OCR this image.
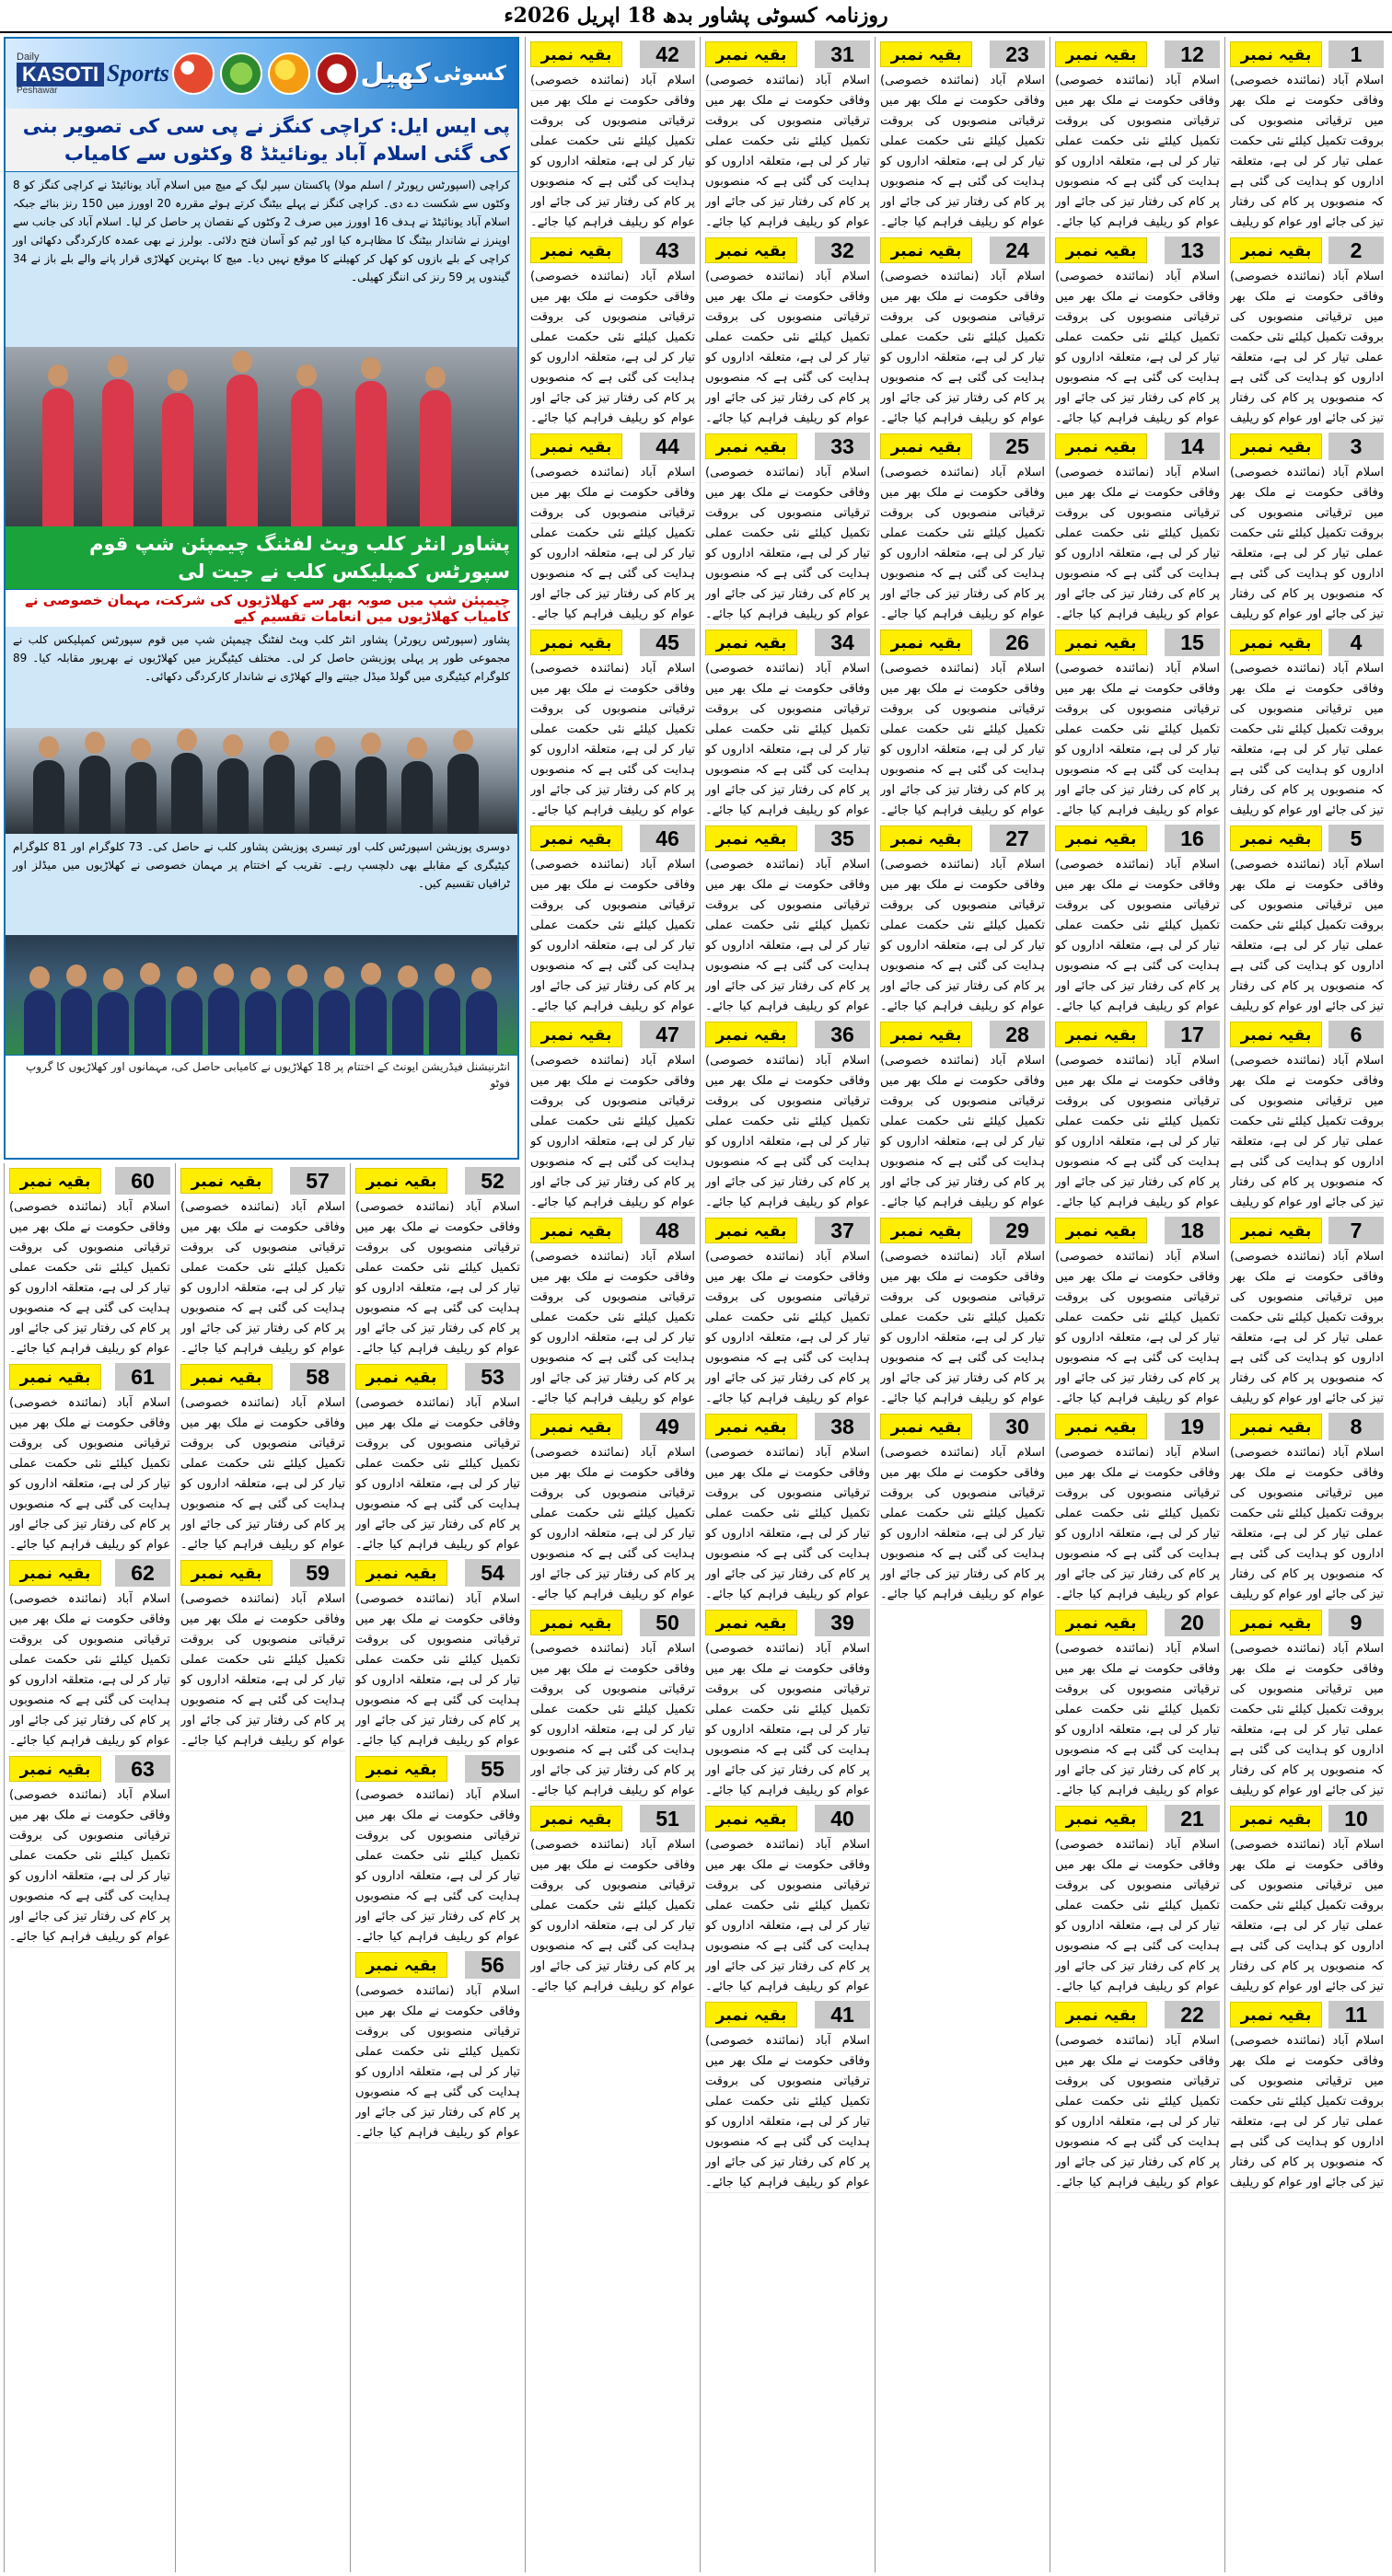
روزنامہ کسوٹی پشاور بدھ 18 اپریل 2026ء
1
بقیہ نمبر
اسلام آباد (نمائندہ خصوصی) وفاقی حکومت نے ملک بھر میں ترقیاتی منصوبوں کی بروقت تکمیل کیلئے نئی حکمت عملی تیار کر لی ہے، متعلقہ اداروں کو ہدایت کی گئی ہے کہ منصوبوں پر کام کی رفتار تیز کی جائے اور عوام کو ریلیف
2
بقیہ نمبر
اسلام آباد (نمائندہ خصوصی) وفاقی حکومت نے ملک بھر میں ترقیاتی منصوبوں کی بروقت تکمیل کیلئے نئی حکمت عملی تیار کر لی ہے، متعلقہ اداروں کو ہدایت کی گئی ہے کہ منصوبوں پر کام کی رفتار تیز کی جائے اور عوام کو ریلیف
3
بقیہ نمبر
اسلام آباد (نمائندہ خصوصی) وفاقی حکومت نے ملک بھر میں ترقیاتی منصوبوں کی بروقت تکمیل کیلئے نئی حکمت عملی تیار کر لی ہے، متعلقہ اداروں کو ہدایت کی گئی ہے کہ منصوبوں پر کام کی رفتار تیز کی جائے اور عوام کو ریلیف
4
بقیہ نمبر
اسلام آباد (نمائندہ خصوصی) وفاقی حکومت نے ملک بھر میں ترقیاتی منصوبوں کی بروقت تکمیل کیلئے نئی حکمت عملی تیار کر لی ہے، متعلقہ اداروں کو ہدایت کی گئی ہے کہ منصوبوں پر کام کی رفتار تیز کی جائے اور عوام کو ریلیف
5
بقیہ نمبر
اسلام آباد (نمائندہ خصوصی) وفاقی حکومت نے ملک بھر میں ترقیاتی منصوبوں کی بروقت تکمیل کیلئے نئی حکمت عملی تیار کر لی ہے، متعلقہ اداروں کو ہدایت کی گئی ہے کہ منصوبوں پر کام کی رفتار تیز کی جائے اور عوام کو ریلیف
6
بقیہ نمبر
اسلام آباد (نمائندہ خصوصی) وفاقی حکومت نے ملک بھر میں ترقیاتی منصوبوں کی بروقت تکمیل کیلئے نئی حکمت عملی تیار کر لی ہے، متعلقہ اداروں کو ہدایت کی گئی ہے کہ منصوبوں پر کام کی رفتار تیز کی جائے اور عوام کو ریلیف
7
بقیہ نمبر
اسلام آباد (نمائندہ خصوصی) وفاقی حکومت نے ملک بھر میں ترقیاتی منصوبوں کی بروقت تکمیل کیلئے نئی حکمت عملی تیار کر لی ہے، متعلقہ اداروں کو ہدایت کی گئی ہے کہ منصوبوں پر کام کی رفتار تیز کی جائے اور عوام کو ریلیف
8
بقیہ نمبر
اسلام آباد (نمائندہ خصوصی) وفاقی حکومت نے ملک بھر میں ترقیاتی منصوبوں کی بروقت تکمیل کیلئے نئی حکمت عملی تیار کر لی ہے، متعلقہ اداروں کو ہدایت کی گئی ہے کہ منصوبوں پر کام کی رفتار تیز کی جائے اور عوام کو ریلیف
9
بقیہ نمبر
اسلام آباد (نمائندہ خصوصی) وفاقی حکومت نے ملک بھر میں ترقیاتی منصوبوں کی بروقت تکمیل کیلئے نئی حکمت عملی تیار کر لی ہے، متعلقہ اداروں کو ہدایت کی گئی ہے کہ منصوبوں پر کام کی رفتار تیز کی جائے اور عوام کو ریلیف
10
بقیہ نمبر
اسلام آباد (نمائندہ خصوصی) وفاقی حکومت نے ملک بھر میں ترقیاتی منصوبوں کی بروقت تکمیل کیلئے نئی حکمت عملی تیار کر لی ہے، متعلقہ اداروں کو ہدایت کی گئی ہے کہ منصوبوں پر کام کی رفتار تیز کی جائے اور عوام کو ریلیف
11
بقیہ نمبر
اسلام آباد (نمائندہ خصوصی) وفاقی حکومت نے ملک بھر میں ترقیاتی منصوبوں کی بروقت تکمیل کیلئے نئی حکمت عملی تیار کر لی ہے، متعلقہ اداروں کو ہدایت کی گئی ہے کہ منصوبوں پر کام کی رفتار تیز کی جائے اور عوام کو ریلیف
12
بقیہ نمبر
اسلام آباد (نمائندہ خصوصی) وفاقی حکومت نے ملک بھر میں ترقیاتی منصوبوں کی بروقت تکمیل کیلئے نئی حکمت عملی تیار کر لی ہے، متعلقہ اداروں کو ہدایت کی گئی ہے کہ منصوبوں پر کام کی رفتار تیز کی جائے اور عوام کو ریلیف فراہم کیا جائے۔
13
بقیہ نمبر
اسلام آباد (نمائندہ خصوصی) وفاقی حکومت نے ملک بھر میں ترقیاتی منصوبوں کی بروقت تکمیل کیلئے نئی حکمت عملی تیار کر لی ہے، متعلقہ اداروں کو ہدایت کی گئی ہے کہ منصوبوں پر کام کی رفتار تیز کی جائے اور عوام کو ریلیف فراہم کیا جائے۔
14
بقیہ نمبر
اسلام آباد (نمائندہ خصوصی) وفاقی حکومت نے ملک بھر میں ترقیاتی منصوبوں کی بروقت تکمیل کیلئے نئی حکمت عملی تیار کر لی ہے، متعلقہ اداروں کو ہدایت کی گئی ہے کہ منصوبوں پر کام کی رفتار تیز کی جائے اور عوام کو ریلیف فراہم کیا جائے۔
15
بقیہ نمبر
اسلام آباد (نمائندہ خصوصی) وفاقی حکومت نے ملک بھر میں ترقیاتی منصوبوں کی بروقت تکمیل کیلئے نئی حکمت عملی تیار کر لی ہے، متعلقہ اداروں کو ہدایت کی گئی ہے کہ منصوبوں پر کام کی رفتار تیز کی جائے اور عوام کو ریلیف فراہم کیا جائے۔
16
بقیہ نمبر
اسلام آباد (نمائندہ خصوصی) وفاقی حکومت نے ملک بھر میں ترقیاتی منصوبوں کی بروقت تکمیل کیلئے نئی حکمت عملی تیار کر لی ہے، متعلقہ اداروں کو ہدایت کی گئی ہے کہ منصوبوں پر کام کی رفتار تیز کی جائے اور عوام کو ریلیف فراہم کیا جائے۔
17
بقیہ نمبر
اسلام آباد (نمائندہ خصوصی) وفاقی حکومت نے ملک بھر میں ترقیاتی منصوبوں کی بروقت تکمیل کیلئے نئی حکمت عملی تیار کر لی ہے، متعلقہ اداروں کو ہدایت کی گئی ہے کہ منصوبوں پر کام کی رفتار تیز کی جائے اور عوام کو ریلیف فراہم کیا جائے۔
18
بقیہ نمبر
اسلام آباد (نمائندہ خصوصی) وفاقی حکومت نے ملک بھر میں ترقیاتی منصوبوں کی بروقت تکمیل کیلئے نئی حکمت عملی تیار کر لی ہے، متعلقہ اداروں کو ہدایت کی گئی ہے کہ منصوبوں پر کام کی رفتار تیز کی جائے اور عوام کو ریلیف فراہم کیا جائے۔
19
بقیہ نمبر
اسلام آباد (نمائندہ خصوصی) وفاقی حکومت نے ملک بھر میں ترقیاتی منصوبوں کی بروقت تکمیل کیلئے نئی حکمت عملی تیار کر لی ہے، متعلقہ اداروں کو ہدایت کی گئی ہے کہ منصوبوں پر کام کی رفتار تیز کی جائے اور عوام کو ریلیف فراہم کیا جائے۔
20
بقیہ نمبر
اسلام آباد (نمائندہ خصوصی) وفاقی حکومت نے ملک بھر میں ترقیاتی منصوبوں کی بروقت تکمیل کیلئے نئی حکمت عملی تیار کر لی ہے، متعلقہ اداروں کو ہدایت کی گئی ہے کہ منصوبوں پر کام کی رفتار تیز کی جائے اور عوام کو ریلیف فراہم کیا جائے۔
21
بقیہ نمبر
اسلام آباد (نمائندہ خصوصی) وفاقی حکومت نے ملک بھر میں ترقیاتی منصوبوں کی بروقت تکمیل کیلئے نئی حکمت عملی تیار کر لی ہے، متعلقہ اداروں کو ہدایت کی گئی ہے کہ منصوبوں پر کام کی رفتار تیز کی جائے اور عوام کو ریلیف فراہم کیا جائے۔
22
بقیہ نمبر
اسلام آباد (نمائندہ خصوصی) وفاقی حکومت نے ملک بھر میں ترقیاتی منصوبوں کی بروقت تکمیل کیلئے نئی حکمت عملی تیار کر لی ہے، متعلقہ اداروں کو ہدایت کی گئی ہے کہ منصوبوں پر کام کی رفتار تیز کی جائے اور عوام کو ریلیف فراہم کیا جائے۔
23
بقیہ نمبر
اسلام آباد (نمائندہ خصوصی) وفاقی حکومت نے ملک بھر میں ترقیاتی منصوبوں کی بروقت تکمیل کیلئے نئی حکمت عملی تیار کر لی ہے، متعلقہ اداروں کو ہدایت کی گئی ہے کہ منصوبوں پر کام کی رفتار تیز کی جائے اور عوام کو ریلیف فراہم کیا جائے۔
24
بقیہ نمبر
اسلام آباد (نمائندہ خصوصی) وفاقی حکومت نے ملک بھر میں ترقیاتی منصوبوں کی بروقت تکمیل کیلئے نئی حکمت عملی تیار کر لی ہے، متعلقہ اداروں کو ہدایت کی گئی ہے کہ منصوبوں پر کام کی رفتار تیز کی جائے اور عوام کو ریلیف فراہم کیا جائے۔
25
بقیہ نمبر
اسلام آباد (نمائندہ خصوصی) وفاقی حکومت نے ملک بھر میں ترقیاتی منصوبوں کی بروقت تکمیل کیلئے نئی حکمت عملی تیار کر لی ہے، متعلقہ اداروں کو ہدایت کی گئی ہے کہ منصوبوں پر کام کی رفتار تیز کی جائے اور عوام کو ریلیف فراہم کیا جائے۔
26
بقیہ نمبر
اسلام آباد (نمائندہ خصوصی) وفاقی حکومت نے ملک بھر میں ترقیاتی منصوبوں کی بروقت تکمیل کیلئے نئی حکمت عملی تیار کر لی ہے، متعلقہ اداروں کو ہدایت کی گئی ہے کہ منصوبوں پر کام کی رفتار تیز کی جائے اور عوام کو ریلیف فراہم کیا جائے۔
27
بقیہ نمبر
اسلام آباد (نمائندہ خصوصی) وفاقی حکومت نے ملک بھر میں ترقیاتی منصوبوں کی بروقت تکمیل کیلئے نئی حکمت عملی تیار کر لی ہے، متعلقہ اداروں کو ہدایت کی گئی ہے کہ منصوبوں پر کام کی رفتار تیز کی جائے اور عوام کو ریلیف فراہم کیا جائے۔
28
بقیہ نمبر
اسلام آباد (نمائندہ خصوصی) وفاقی حکومت نے ملک بھر میں ترقیاتی منصوبوں کی بروقت تکمیل کیلئے نئی حکمت عملی تیار کر لی ہے، متعلقہ اداروں کو ہدایت کی گئی ہے کہ منصوبوں پر کام کی رفتار تیز کی جائے اور عوام کو ریلیف فراہم کیا جائے۔
29
بقیہ نمبر
اسلام آباد (نمائندہ خصوصی) وفاقی حکومت نے ملک بھر میں ترقیاتی منصوبوں کی بروقت تکمیل کیلئے نئی حکمت عملی تیار کر لی ہے، متعلقہ اداروں کو ہدایت کی گئی ہے کہ منصوبوں پر کام کی رفتار تیز کی جائے اور عوام کو ریلیف فراہم کیا جائے۔
30
بقیہ نمبر
اسلام آباد (نمائندہ خصوصی) وفاقی حکومت نے ملک بھر میں ترقیاتی منصوبوں کی بروقت تکمیل کیلئے نئی حکمت عملی تیار کر لی ہے، متعلقہ اداروں کو ہدایت کی گئی ہے کہ منصوبوں پر کام کی رفتار تیز کی جائے اور عوام کو ریلیف فراہم کیا جائے۔
31
بقیہ نمبر
اسلام آباد (نمائندہ خصوصی) وفاقی حکومت نے ملک بھر میں ترقیاتی منصوبوں کی بروقت تکمیل کیلئے نئی حکمت عملی تیار کر لی ہے، متعلقہ اداروں کو ہدایت کی گئی ہے کہ منصوبوں پر کام کی رفتار تیز کی جائے اور عوام کو ریلیف فراہم کیا جائے۔
32
بقیہ نمبر
اسلام آباد (نمائندہ خصوصی) وفاقی حکومت نے ملک بھر میں ترقیاتی منصوبوں کی بروقت تکمیل کیلئے نئی حکمت عملی تیار کر لی ہے، متعلقہ اداروں کو ہدایت کی گئی ہے کہ منصوبوں پر کام کی رفتار تیز کی جائے اور عوام کو ریلیف فراہم کیا جائے۔
33
بقیہ نمبر
اسلام آباد (نمائندہ خصوصی) وفاقی حکومت نے ملک بھر میں ترقیاتی منصوبوں کی بروقت تکمیل کیلئے نئی حکمت عملی تیار کر لی ہے، متعلقہ اداروں کو ہدایت کی گئی ہے کہ منصوبوں پر کام کی رفتار تیز کی جائے اور عوام کو ریلیف فراہم کیا جائے۔
34
بقیہ نمبر
اسلام آباد (نمائندہ خصوصی) وفاقی حکومت نے ملک بھر میں ترقیاتی منصوبوں کی بروقت تکمیل کیلئے نئی حکمت عملی تیار کر لی ہے، متعلقہ اداروں کو ہدایت کی گئی ہے کہ منصوبوں پر کام کی رفتار تیز کی جائے اور عوام کو ریلیف فراہم کیا جائے۔
35
بقیہ نمبر
اسلام آباد (نمائندہ خصوصی) وفاقی حکومت نے ملک بھر میں ترقیاتی منصوبوں کی بروقت تکمیل کیلئے نئی حکمت عملی تیار کر لی ہے، متعلقہ اداروں کو ہدایت کی گئی ہے کہ منصوبوں پر کام کی رفتار تیز کی جائے اور عوام کو ریلیف فراہم کیا جائے۔
36
بقیہ نمبر
اسلام آباد (نمائندہ خصوصی) وفاقی حکومت نے ملک بھر میں ترقیاتی منصوبوں کی بروقت تکمیل کیلئے نئی حکمت عملی تیار کر لی ہے، متعلقہ اداروں کو ہدایت کی گئی ہے کہ منصوبوں پر کام کی رفتار تیز کی جائے اور عوام کو ریلیف فراہم کیا جائے۔
37
بقیہ نمبر
اسلام آباد (نمائندہ خصوصی) وفاقی حکومت نے ملک بھر میں ترقیاتی منصوبوں کی بروقت تکمیل کیلئے نئی حکمت عملی تیار کر لی ہے، متعلقہ اداروں کو ہدایت کی گئی ہے کہ منصوبوں پر کام کی رفتار تیز کی جائے اور عوام کو ریلیف فراہم کیا جائے۔
38
بقیہ نمبر
اسلام آباد (نمائندہ خصوصی) وفاقی حکومت نے ملک بھر میں ترقیاتی منصوبوں کی بروقت تکمیل کیلئے نئی حکمت عملی تیار کر لی ہے، متعلقہ اداروں کو ہدایت کی گئی ہے کہ منصوبوں پر کام کی رفتار تیز کی جائے اور عوام کو ریلیف فراہم کیا جائے۔
39
بقیہ نمبر
اسلام آباد (نمائندہ خصوصی) وفاقی حکومت نے ملک بھر میں ترقیاتی منصوبوں کی بروقت تکمیل کیلئے نئی حکمت عملی تیار کر لی ہے، متعلقہ اداروں کو ہدایت کی گئی ہے کہ منصوبوں پر کام کی رفتار تیز کی جائے اور عوام کو ریلیف فراہم کیا جائے۔
40
بقیہ نمبر
اسلام آباد (نمائندہ خصوصی) وفاقی حکومت نے ملک بھر میں ترقیاتی منصوبوں کی بروقت تکمیل کیلئے نئی حکمت عملی تیار کر لی ہے، متعلقہ اداروں کو ہدایت کی گئی ہے کہ منصوبوں پر کام کی رفتار تیز کی جائے اور عوام کو ریلیف فراہم کیا جائے۔
41
بقیہ نمبر
اسلام آباد (نمائندہ خصوصی) وفاقی حکومت نے ملک بھر میں ترقیاتی منصوبوں کی بروقت تکمیل کیلئے نئی حکمت عملی تیار کر لی ہے، متعلقہ اداروں کو ہدایت کی گئی ہے کہ منصوبوں پر کام کی رفتار تیز کی جائے اور عوام کو ریلیف فراہم کیا جائے۔
42
بقیہ نمبر
اسلام آباد (نمائندہ خصوصی) وفاقی حکومت نے ملک بھر میں ترقیاتی منصوبوں کی بروقت تکمیل کیلئے نئی حکمت عملی تیار کر لی ہے، متعلقہ اداروں کو ہدایت کی گئی ہے کہ منصوبوں پر کام کی رفتار تیز کی جائے اور عوام کو ریلیف فراہم کیا جائے۔
43
بقیہ نمبر
اسلام آباد (نمائندہ خصوصی) وفاقی حکومت نے ملک بھر میں ترقیاتی منصوبوں کی بروقت تکمیل کیلئے نئی حکمت عملی تیار کر لی ہے، متعلقہ اداروں کو ہدایت کی گئی ہے کہ منصوبوں پر کام کی رفتار تیز کی جائے اور عوام کو ریلیف فراہم کیا جائے۔
44
بقیہ نمبر
اسلام آباد (نمائندہ خصوصی) وفاقی حکومت نے ملک بھر میں ترقیاتی منصوبوں کی بروقت تکمیل کیلئے نئی حکمت عملی تیار کر لی ہے، متعلقہ اداروں کو ہدایت کی گئی ہے کہ منصوبوں پر کام کی رفتار تیز کی جائے اور عوام کو ریلیف فراہم کیا جائے۔
45
بقیہ نمبر
اسلام آباد (نمائندہ خصوصی) وفاقی حکومت نے ملک بھر میں ترقیاتی منصوبوں کی بروقت تکمیل کیلئے نئی حکمت عملی تیار کر لی ہے، متعلقہ اداروں کو ہدایت کی گئی ہے کہ منصوبوں پر کام کی رفتار تیز کی جائے اور عوام کو ریلیف فراہم کیا جائے۔
46
بقیہ نمبر
اسلام آباد (نمائندہ خصوصی) وفاقی حکومت نے ملک بھر میں ترقیاتی منصوبوں کی بروقت تکمیل کیلئے نئی حکمت عملی تیار کر لی ہے، متعلقہ اداروں کو ہدایت کی گئی ہے کہ منصوبوں پر کام کی رفتار تیز کی جائے اور عوام کو ریلیف فراہم کیا جائے۔
47
بقیہ نمبر
اسلام آباد (نمائندہ خصوصی) وفاقی حکومت نے ملک بھر میں ترقیاتی منصوبوں کی بروقت تکمیل کیلئے نئی حکمت عملی تیار کر لی ہے، متعلقہ اداروں کو ہدایت کی گئی ہے کہ منصوبوں پر کام کی رفتار تیز کی جائے اور عوام کو ریلیف فراہم کیا جائے۔
48
بقیہ نمبر
اسلام آباد (نمائندہ خصوصی) وفاقی حکومت نے ملک بھر میں ترقیاتی منصوبوں کی بروقت تکمیل کیلئے نئی حکمت عملی تیار کر لی ہے، متعلقہ اداروں کو ہدایت کی گئی ہے کہ منصوبوں پر کام کی رفتار تیز کی جائے اور عوام کو ریلیف فراہم کیا جائے۔
49
بقیہ نمبر
اسلام آباد (نمائندہ خصوصی) وفاقی حکومت نے ملک بھر میں ترقیاتی منصوبوں کی بروقت تکمیل کیلئے نئی حکمت عملی تیار کر لی ہے، متعلقہ اداروں کو ہدایت کی گئی ہے کہ منصوبوں پر کام کی رفتار تیز کی جائے اور عوام کو ریلیف فراہم کیا جائے۔
50
بقیہ نمبر
اسلام آباد (نمائندہ خصوصی) وفاقی حکومت نے ملک بھر میں ترقیاتی منصوبوں کی بروقت تکمیل کیلئے نئی حکمت عملی تیار کر لی ہے، متعلقہ اداروں کو ہدایت کی گئی ہے کہ منصوبوں پر کام کی رفتار تیز کی جائے اور عوام کو ریلیف فراہم کیا جائے۔
51
بقیہ نمبر
اسلام آباد (نمائندہ خصوصی) وفاقی حکومت نے ملک بھر میں ترقیاتی منصوبوں کی بروقت تکمیل کیلئے نئی حکمت عملی تیار کر لی ہے، متعلقہ اداروں کو ہدایت کی گئی ہے کہ منصوبوں پر کام کی رفتار تیز کی جائے اور عوام کو ریلیف فراہم کیا جائے۔
52
بقیہ نمبر
اسلام آباد (نمائندہ خصوصی) وفاقی حکومت نے ملک بھر میں ترقیاتی منصوبوں کی بروقت تکمیل کیلئے نئی حکمت عملی تیار کر لی ہے، متعلقہ اداروں کو ہدایت کی گئی ہے کہ منصوبوں پر کام کی رفتار تیز کی جائے اور عوام کو ریلیف فراہم کیا جائے۔
53
بقیہ نمبر
اسلام آباد (نمائندہ خصوصی) وفاقی حکومت نے ملک بھر میں ترقیاتی منصوبوں کی بروقت تکمیل کیلئے نئی حکمت عملی تیار کر لی ہے، متعلقہ اداروں کو ہدایت کی گئی ہے کہ منصوبوں پر کام کی رفتار تیز کی جائے اور عوام کو ریلیف فراہم کیا جائے۔
54
بقیہ نمبر
اسلام آباد (نمائندہ خصوصی) وفاقی حکومت نے ملک بھر میں ترقیاتی منصوبوں کی بروقت تکمیل کیلئے نئی حکمت عملی تیار کر لی ہے، متعلقہ اداروں کو ہدایت کی گئی ہے کہ منصوبوں پر کام کی رفتار تیز کی جائے اور عوام کو ریلیف فراہم کیا جائے۔
55
بقیہ نمبر
اسلام آباد (نمائندہ خصوصی) وفاقی حکومت نے ملک بھر میں ترقیاتی منصوبوں کی بروقت تکمیل کیلئے نئی حکمت عملی تیار کر لی ہے، متعلقہ اداروں کو ہدایت کی گئی ہے کہ منصوبوں پر کام کی رفتار تیز کی جائے اور عوام کو ریلیف فراہم کیا جائے۔
56
بقیہ نمبر
اسلام آباد (نمائندہ خصوصی) وفاقی حکومت نے ملک بھر میں ترقیاتی منصوبوں کی بروقت تکمیل کیلئے نئی حکمت عملی تیار کر لی ہے، متعلقہ اداروں کو ہدایت کی گئی ہے کہ منصوبوں پر کام کی رفتار تیز کی جائے اور عوام کو ریلیف فراہم کیا جائے۔
57
بقیہ نمبر
اسلام آباد (نمائندہ خصوصی) وفاقی حکومت نے ملک بھر میں ترقیاتی منصوبوں کی بروقت تکمیل کیلئے نئی حکمت عملی تیار کر لی ہے، متعلقہ اداروں کو ہدایت کی گئی ہے کہ منصوبوں پر کام کی رفتار تیز کی جائے اور عوام کو ریلیف فراہم کیا جائے۔
58
بقیہ نمبر
اسلام آباد (نمائندہ خصوصی) وفاقی حکومت نے ملک بھر میں ترقیاتی منصوبوں کی بروقت تکمیل کیلئے نئی حکمت عملی تیار کر لی ہے، متعلقہ اداروں کو ہدایت کی گئی ہے کہ منصوبوں پر کام کی رفتار تیز کی جائے اور عوام کو ریلیف فراہم کیا جائے۔
59
بقیہ نمبر
اسلام آباد (نمائندہ خصوصی) وفاقی حکومت نے ملک بھر میں ترقیاتی منصوبوں کی بروقت تکمیل کیلئے نئی حکمت عملی تیار کر لی ہے، متعلقہ اداروں کو ہدایت کی گئی ہے کہ منصوبوں پر کام کی رفتار تیز کی جائے اور عوام کو ریلیف فراہم کیا جائے۔
60
بقیہ نمبر
اسلام آباد (نمائندہ خصوصی) وفاقی حکومت نے ملک بھر میں ترقیاتی منصوبوں کی بروقت تکمیل کیلئے نئی حکمت عملی تیار کر لی ہے، متعلقہ اداروں کو ہدایت کی گئی ہے کہ منصوبوں پر کام کی رفتار تیز کی جائے اور عوام کو ریلیف فراہم کیا جائے۔
61
بقیہ نمبر
اسلام آباد (نمائندہ خصوصی) وفاقی حکومت نے ملک بھر میں ترقیاتی منصوبوں کی بروقت تکمیل کیلئے نئی حکمت عملی تیار کر لی ہے، متعلقہ اداروں کو ہدایت کی گئی ہے کہ منصوبوں پر کام کی رفتار تیز کی جائے اور عوام کو ریلیف فراہم کیا جائے۔
62
بقیہ نمبر
اسلام آباد (نمائندہ خصوصی) وفاقی حکومت نے ملک بھر میں ترقیاتی منصوبوں کی بروقت تکمیل کیلئے نئی حکمت عملی تیار کر لی ہے، متعلقہ اداروں کو ہدایت کی گئی ہے کہ منصوبوں پر کام کی رفتار تیز کی جائے اور عوام کو ریلیف فراہم کیا جائے۔
63
بقیہ نمبر
اسلام آباد (نمائندہ خصوصی) وفاقی حکومت نے ملک بھر میں ترقیاتی منصوبوں کی بروقت تکمیل کیلئے نئی حکمت عملی تیار کر لی ہے، متعلقہ اداروں کو ہدایت کی گئی ہے کہ منصوبوں پر کام کی رفتار تیز کی جائے اور عوام کو ریلیف فراہم کیا جائے۔
Daily
KASOTI
Peshawar
Sports	کھیل کسوٹی
پی ایس ایل: کراچی کنگز نے پی سی کی تصویر بنی کی گئی اسلام آباد یونائیٹڈ 8 وکٹوں سے کامیاب
کراچی (اسپورٹس رپورٹر / اسلم مولا) پاکستان سپر لیگ کے میچ میں اسلام آباد یونائیٹڈ نے کراچی کنگز کو 8 وکٹوں سے شکست دے دی۔ کراچی کنگز نے پہلے بیٹنگ کرتے ہوئے مقررہ 20 اوورز میں 150 رنز بنائے جبکہ اسلام آباد یونائیٹڈ نے ہدف 16 اوورز میں صرف 2 وکٹوں کے نقصان پر حاصل کر لیا۔ اسلام آباد کی جانب سے اوپنرز نے شاندار بیٹنگ کا مظاہرہ کیا اور ٹیم کو آسان فتح دلائی۔ بولرز نے بھی عمدہ کارکردگی دکھائی اور کراچی کے بلے بازوں کو کھل کر کھیلنے کا موقع نہیں دیا۔ میچ کا بہترین کھلاڑی قرار پانے والے بلے باز نے 34 گیندوں پر 59 رنز کی اننگز کھیلی۔
پشاور انٹر کلب ویٹ لفٹنگ چیمپئن شپ قوم سپورٹس کمپلیکس کلب نے جیت لی
چیمپئن شپ میں صوبہ بھر سے کھلاڑیوں کی شرکت، مہمان خصوصی نے کامیاب کھلاڑیوں میں انعامات تقسیم کیے
پشاور (سپورٹس رپورٹر) پشاور انٹر کلب ویٹ لفٹنگ چیمپئن شپ میں قوم سپورٹس کمپلیکس کلب نے مجموعی طور پر پہلی پوزیشن حاصل کر لی۔ مختلف کیٹیگریز میں کھلاڑیوں نے بھرپور مقابلہ کیا۔ 89 کلوگرام کیٹیگری میں گولڈ میڈل جیتنے والے کھلاڑی نے شاندار کارکردگی دکھائی۔
دوسری پوزیشن اسپورٹس کلب اور تیسری پوزیشن پشاور کلب نے حاصل کی۔ 73 کلوگرام اور 81 کلوگرام کیٹیگری کے مقابلے بھی دلچسپ رہے۔ تقریب کے اختتام پر مہمان خصوصی نے کھلاڑیوں میں میڈلز اور ٹرافیاں تقسیم کیں۔
انٹرنیشنل فیڈریشن ایونٹ کے اختتام پر 18 کھلاڑیوں نے کامیابی حاصل کی، مہمانوں اور کھلاڑیوں کا گروپ فوٹو
